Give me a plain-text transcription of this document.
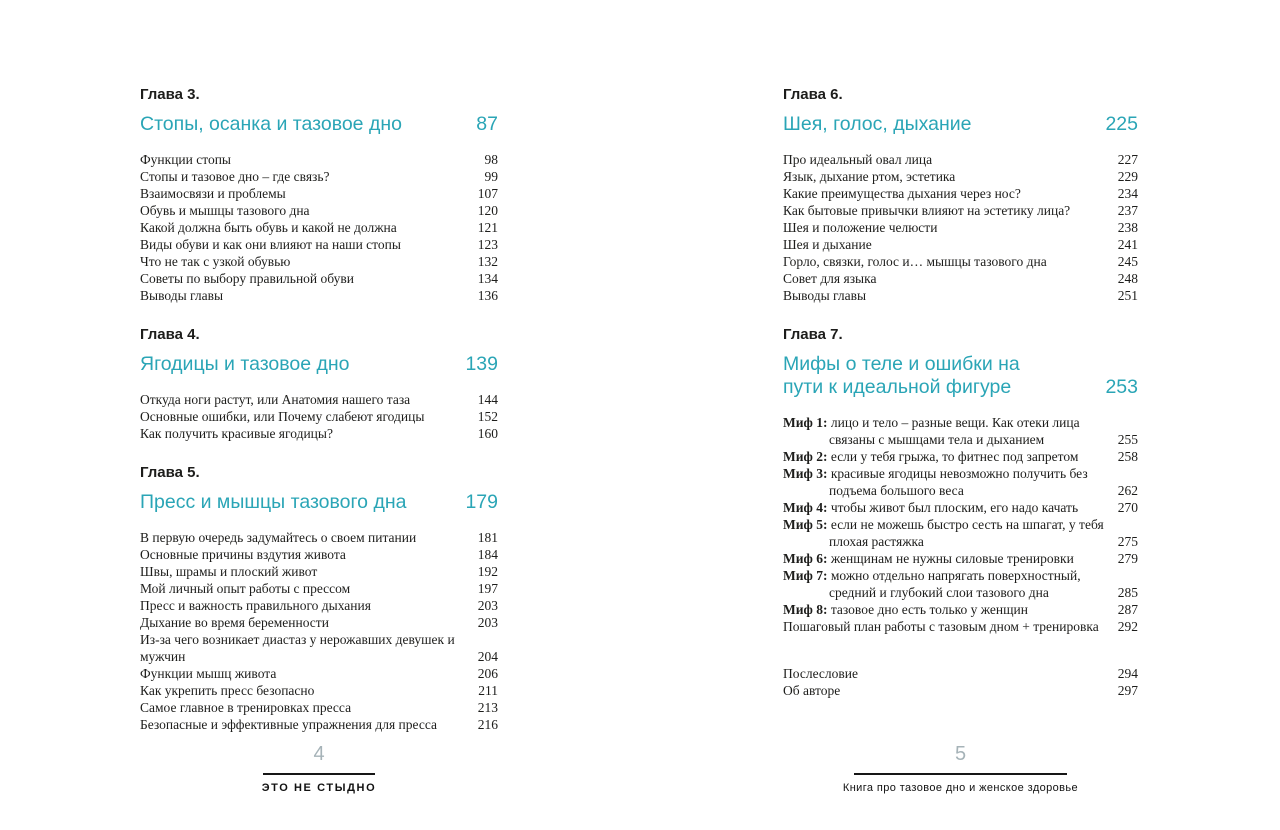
Глава 3.
Стопы, осанка и тазовое дно	87
Функции стопы	98
Стопы и тазовое дно – где связь?	99
Взаимосвязи и проблемы	107
Обувь и мышцы тазового дна	120
Какой должна быть обувь и какой не должна	121
Виды обуви и как они влияют на наши стопы	123
Что не так с узкой обувью	132
Советы по выбору правильной обуви	134
Выводы главы	136
Глава 4.
Ягодицы и тазовое дно	139
Откуда ноги растут, или Анатомия нашего таза	144
Основные ошибки, или Почему слабеют ягодицы	152
Как получить красивые ягодицы?	160
Глава 5.
Пресс и мышцы тазового дна	179
В первую очередь задумайтесь о своем питании	181
Основные причины вздутия живота	184
Швы, шрамы и плоский живот	192
Мой личный опыт работы с прессом	197
Пресс и важность правильного дыхания	203
Дыхание во время беременности	203
Из-за чего возникает диастаз у нерожавших девушек и мужчин	204
Функции мышц живота	206
Как укрепить пресс безопасно	211
Самое главное в тренировках пресса	213
Безопасные и эффективные упражнения для пресса	216
Глава 6.
Шея, голос, дыхание	225
Про идеальный овал лица	227
Язык, дыхание ртом, эстетика	229
Какие преимущества дыхания через нос?	234
Как бытовые привычки влияют на эстетику лица?	237
Шея и положение челюсти	238
Шея и дыхание	241
Горло, связки, голос и… мышцы тазового дна	245
Совет для языка	248
Выводы главы	251
Глава 7.
Мифы о теле и ошибки на пути к идеальной фигуре	253
Миф 1: лицо и тело – разные вещи. Как отеки лица связаны с мышцами тела и дыханием	255
Миф 2: если у тебя грыжа, то фитнес под запретом	258
Миф 3: красивые ягодицы невозможно получить без подъема большого веса	262
Миф 4: чтобы живот был плоским, его надо качать	270
Миф 5: если не можешь быстро сесть на шпагат, у тебя плохая растяжка	275
Миф 6: женщинам не нужны силовые тренировки	279
Миф 7: можно отдельно напрягать поверхностный, средний и глубокий слои тазового дна	285
Миф 8: тазовое дно есть только у женщин	287
Пошаговый план работы с тазовым дном + тренировка	292
Послесловие	294
Об авторе	297
4
ЭТО НЕ СТЫДНО
5
Книга про тазовое дно и женское здоровье
